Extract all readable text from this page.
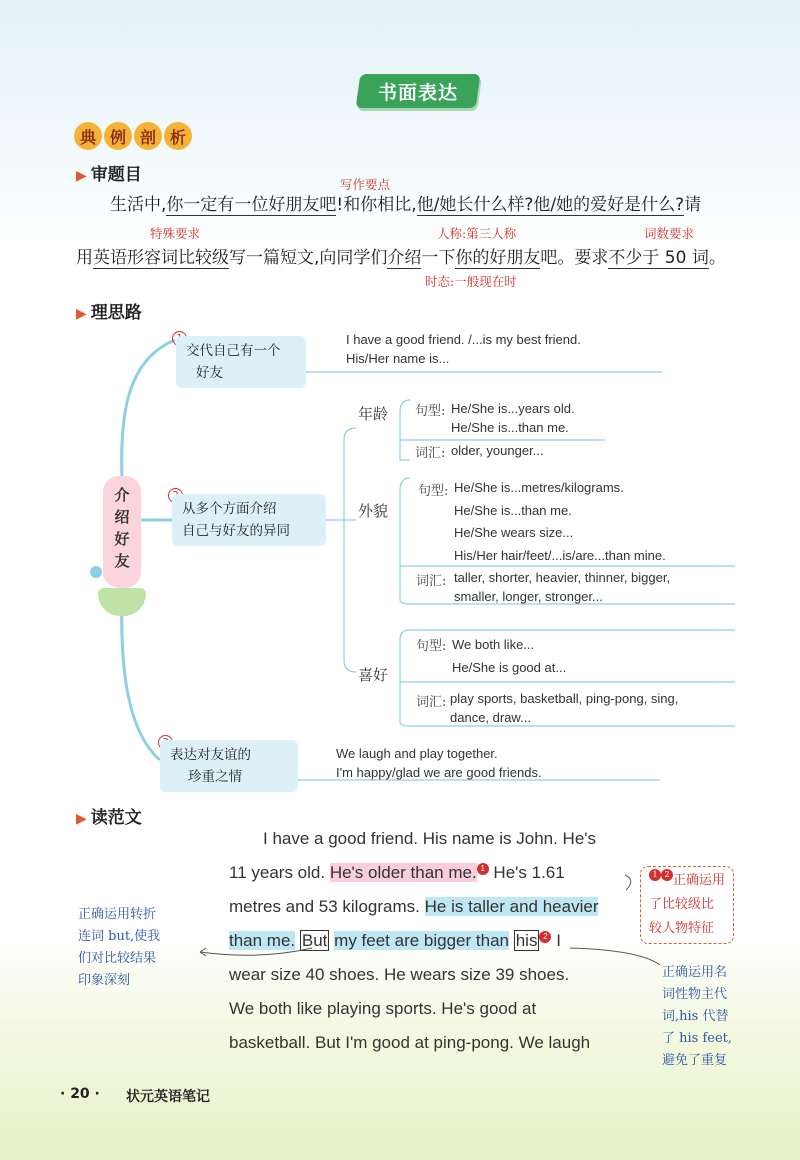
书面表达
典 例 剖 析
▶ 审题目	写作要点
生活中,你一定有一位好朋友吧!和你相比,他/她长什么样?他/她的爱好是什么?请
特殊要求	人称:第三人称	词数要求
用英语形容词比较级写一篇短文,向同学们介绍一下你的好朋友吧。要求不少于 50 词。
时态:一般现在时
▶ 理思路
介
绍
好
友
交代自己有一个
好友
I have a good friend. /...is my best friend.
His/Her name is...
从多个方面介绍
自己与好友的异同
年龄 句型: He/She is...years old.
He/She is...than me.
词汇: older, younger...
外貌
句型: He/She is...metres/kilograms.
He/She is...than me.
He/She wears size...
His/Her hair/feet/...is/are...than mine.
词汇: taller, shorter, heavier, thinner, bigger,
smaller, longer, stronger...
喜好
句型: We both like...
He/She is good at...
词汇: play sports, basketball, ping-pong, sing,
dance, draw...
表达对友谊的
珍重之情
We laugh and play together.
I'm happy/glad we are good friends.
▶ 读范文
I have a good friend. His name is John. He's
11 years old. He's older than me. 1 He's 1.61
metres and 53 kilograms. He is taller and heavier
than me. But my feet are bigger than his 2 I
wear size 40 shoes. He wears size 39 shoes.
We both like playing sports. He's good at
basketball. But I'm good at ping-pong. We laugh
正确运用转折
连词 but,使我
们对比较结果
印象深刻
1 2 正确运用
了比较级比
较人物特征
正确运用名
词性物主代
词,his 代替
了 his feet,
避免了重复
· 20 · 状元英语笔记
